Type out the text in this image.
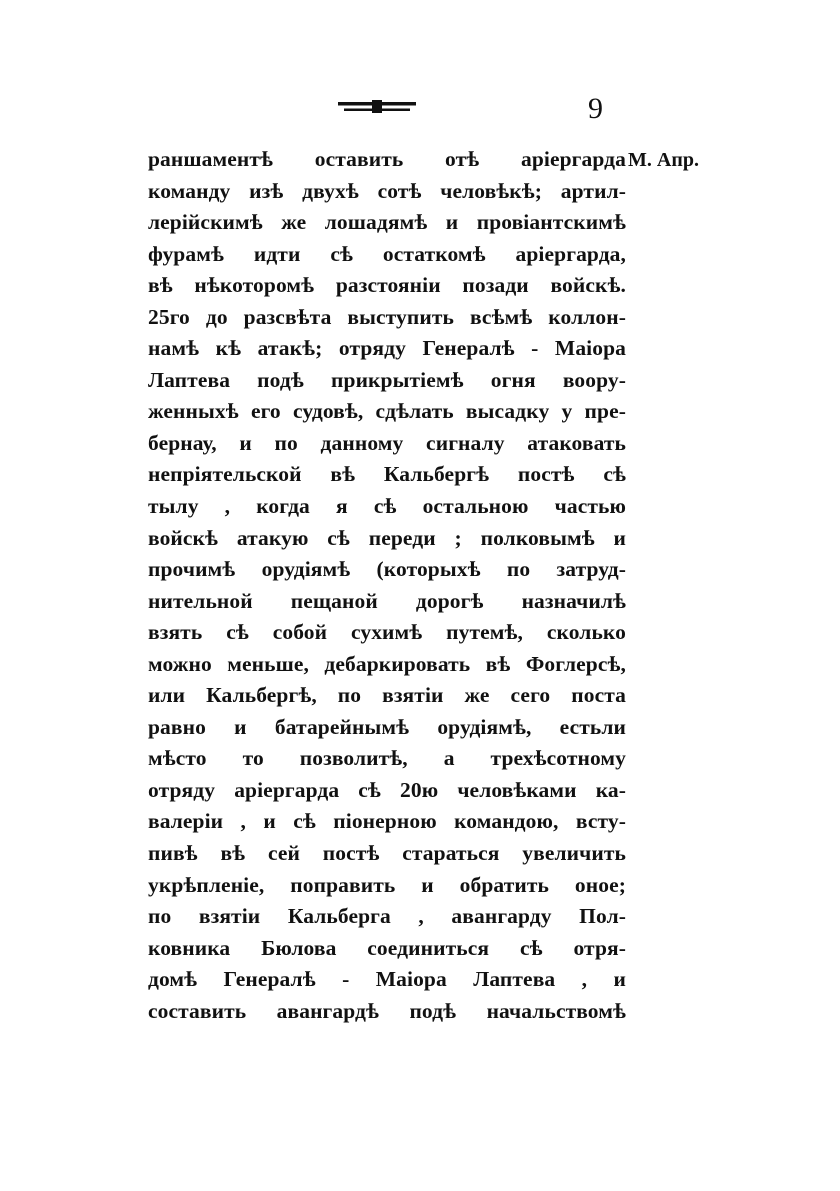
9
М. Апр.
раншаментѣ оставить отѣ аріергарда
команду изѣ двухѣ сотѣ человѣкѣ; артил-
лерійскимѣ же лошадямѣ и провіантскимѣ
фурамѣ идти сѣ остаткомѣ аріергарда,
вѣ нѣкоторомѣ разстояніи позади войскѣ.
25го до разсвѣта выступить всѣмѣ коллон-
намѣ кѣ атакѣ; отряду Генералѣ - Маіора
Лаптева подѣ прикрытіемѣ огня воору-
женныхѣ его судовѣ, сдѣлать высадку у пре-
бернау, и по данному сигналу атаковать
непріятельской вѣ Кальбергѣ постѣ сѣ
тылу , когда я сѣ остальною частью
войскѣ атакую сѣ переди ; полковымѣ и
прочимѣ орудіямѣ (которыхѣ по затруд-
нительной пещаной дорогѣ назначилѣ
взять сѣ собой сухимѣ путемѣ, сколько
можно меньше, дебаркировать вѣ Фоглерсѣ,
или Кальбергѣ, по взятіи же сего поста
равно и батарейнымѣ орудіямѣ, естьли
мѣсто то позволитѣ, а трехѣсотному
отряду аріергарда сѣ 20ю человѣками ка-
валеріи , и сѣ піонерною командою, всту-
пивѣ вѣ сей постѣ стараться увеличить
укрѣпленіе, поправить и обратить оное;
по взятіи Кальберга , авангарду Пол-
ковника Бюлова соединиться сѣ отря-
домѣ Генералѣ - Маіора Лаптева , и
составить авангардѣ подѣ начальствомѣ
